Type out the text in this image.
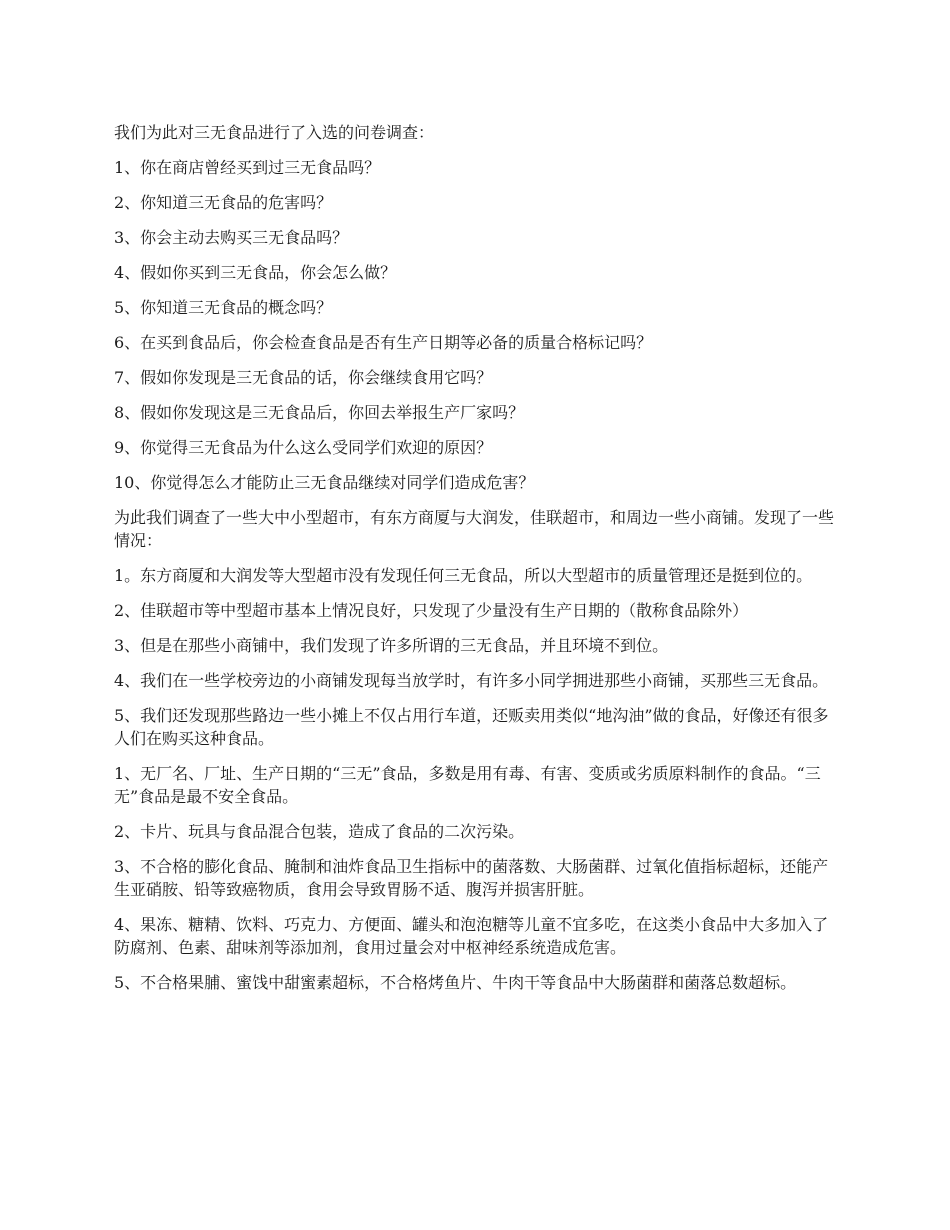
我们为此对三无食品进行了入选的问卷调查：

1、你在商店曾经买到过三无食品吗？

2、你知道三无食品的危害吗？

3、你会主动去购买三无食品吗？

4、假如你买到三无食品，你会怎么做？

5、你知道三无食品的概念吗？

6、在买到食品后，你会检查食品是否有生产日期等必备的质量合格标记吗？

7、假如你发现是三无食品的话，你会继续食用它吗？

8、假如你发现这是三无食品后，你回去举报生产厂家吗？

9、你觉得三无食品为什么这么受同学们欢迎的原因？

10、你觉得怎么才能防止三无食品继续对同学们造成危害？

为此我们调查了一些大中小型超市，有东方商厦与大润发，佳联超市，和周边一些小商铺。发现了一些情况：

1。东方商厦和大润发等大型超市没有发现任何三无食品，所以大型超市的质量管理还是挺到位的。

2、佳联超市等中型超市基本上情况良好，只发现了少量没有生产日期的（散称食品除外）

3、但是在那些小商铺中，我们发现了许多所谓的三无食品，并且环境不到位。

4、我们在一些学校旁边的小商铺发现每当放学时，有许多小同学拥进那些小商铺，买那些三无食品。

5、我们还发现那些路边一些小摊上不仅占用行车道，还贩卖用类似“地沟油”做的食品，好像还有很多人们在购买这种食品。

1、无厂名、厂址、生产日期的“三无”食品，多数是用有毒、有害、变质或劣质原料制作的食品。“三无”食品是最不安全食品。

2、卡片、玩具与食品混合包装，造成了食品的二次污染。

3、不合格的膨化食品、腌制和油炸食品卫生指标中的菌落数、大肠菌群、过氧化值指标超标，还能产生亚硝胺、铅等致癌物质，食用会导致胃肠不适、腹泻并损害肝脏。

4、果冻、糖精、饮料、巧克力、方便面、罐头和泡泡糖等儿童不宜多吃，在这类小食品中大多加入了防腐剂、色素、甜味剂等添加剂，食用过量会对中枢神经系统造成危害。

5、不合格果脯、蜜饯中甜蜜素超标，不合格烤鱼片、牛肉干等食品中大肠菌群和菌落总数超标。
